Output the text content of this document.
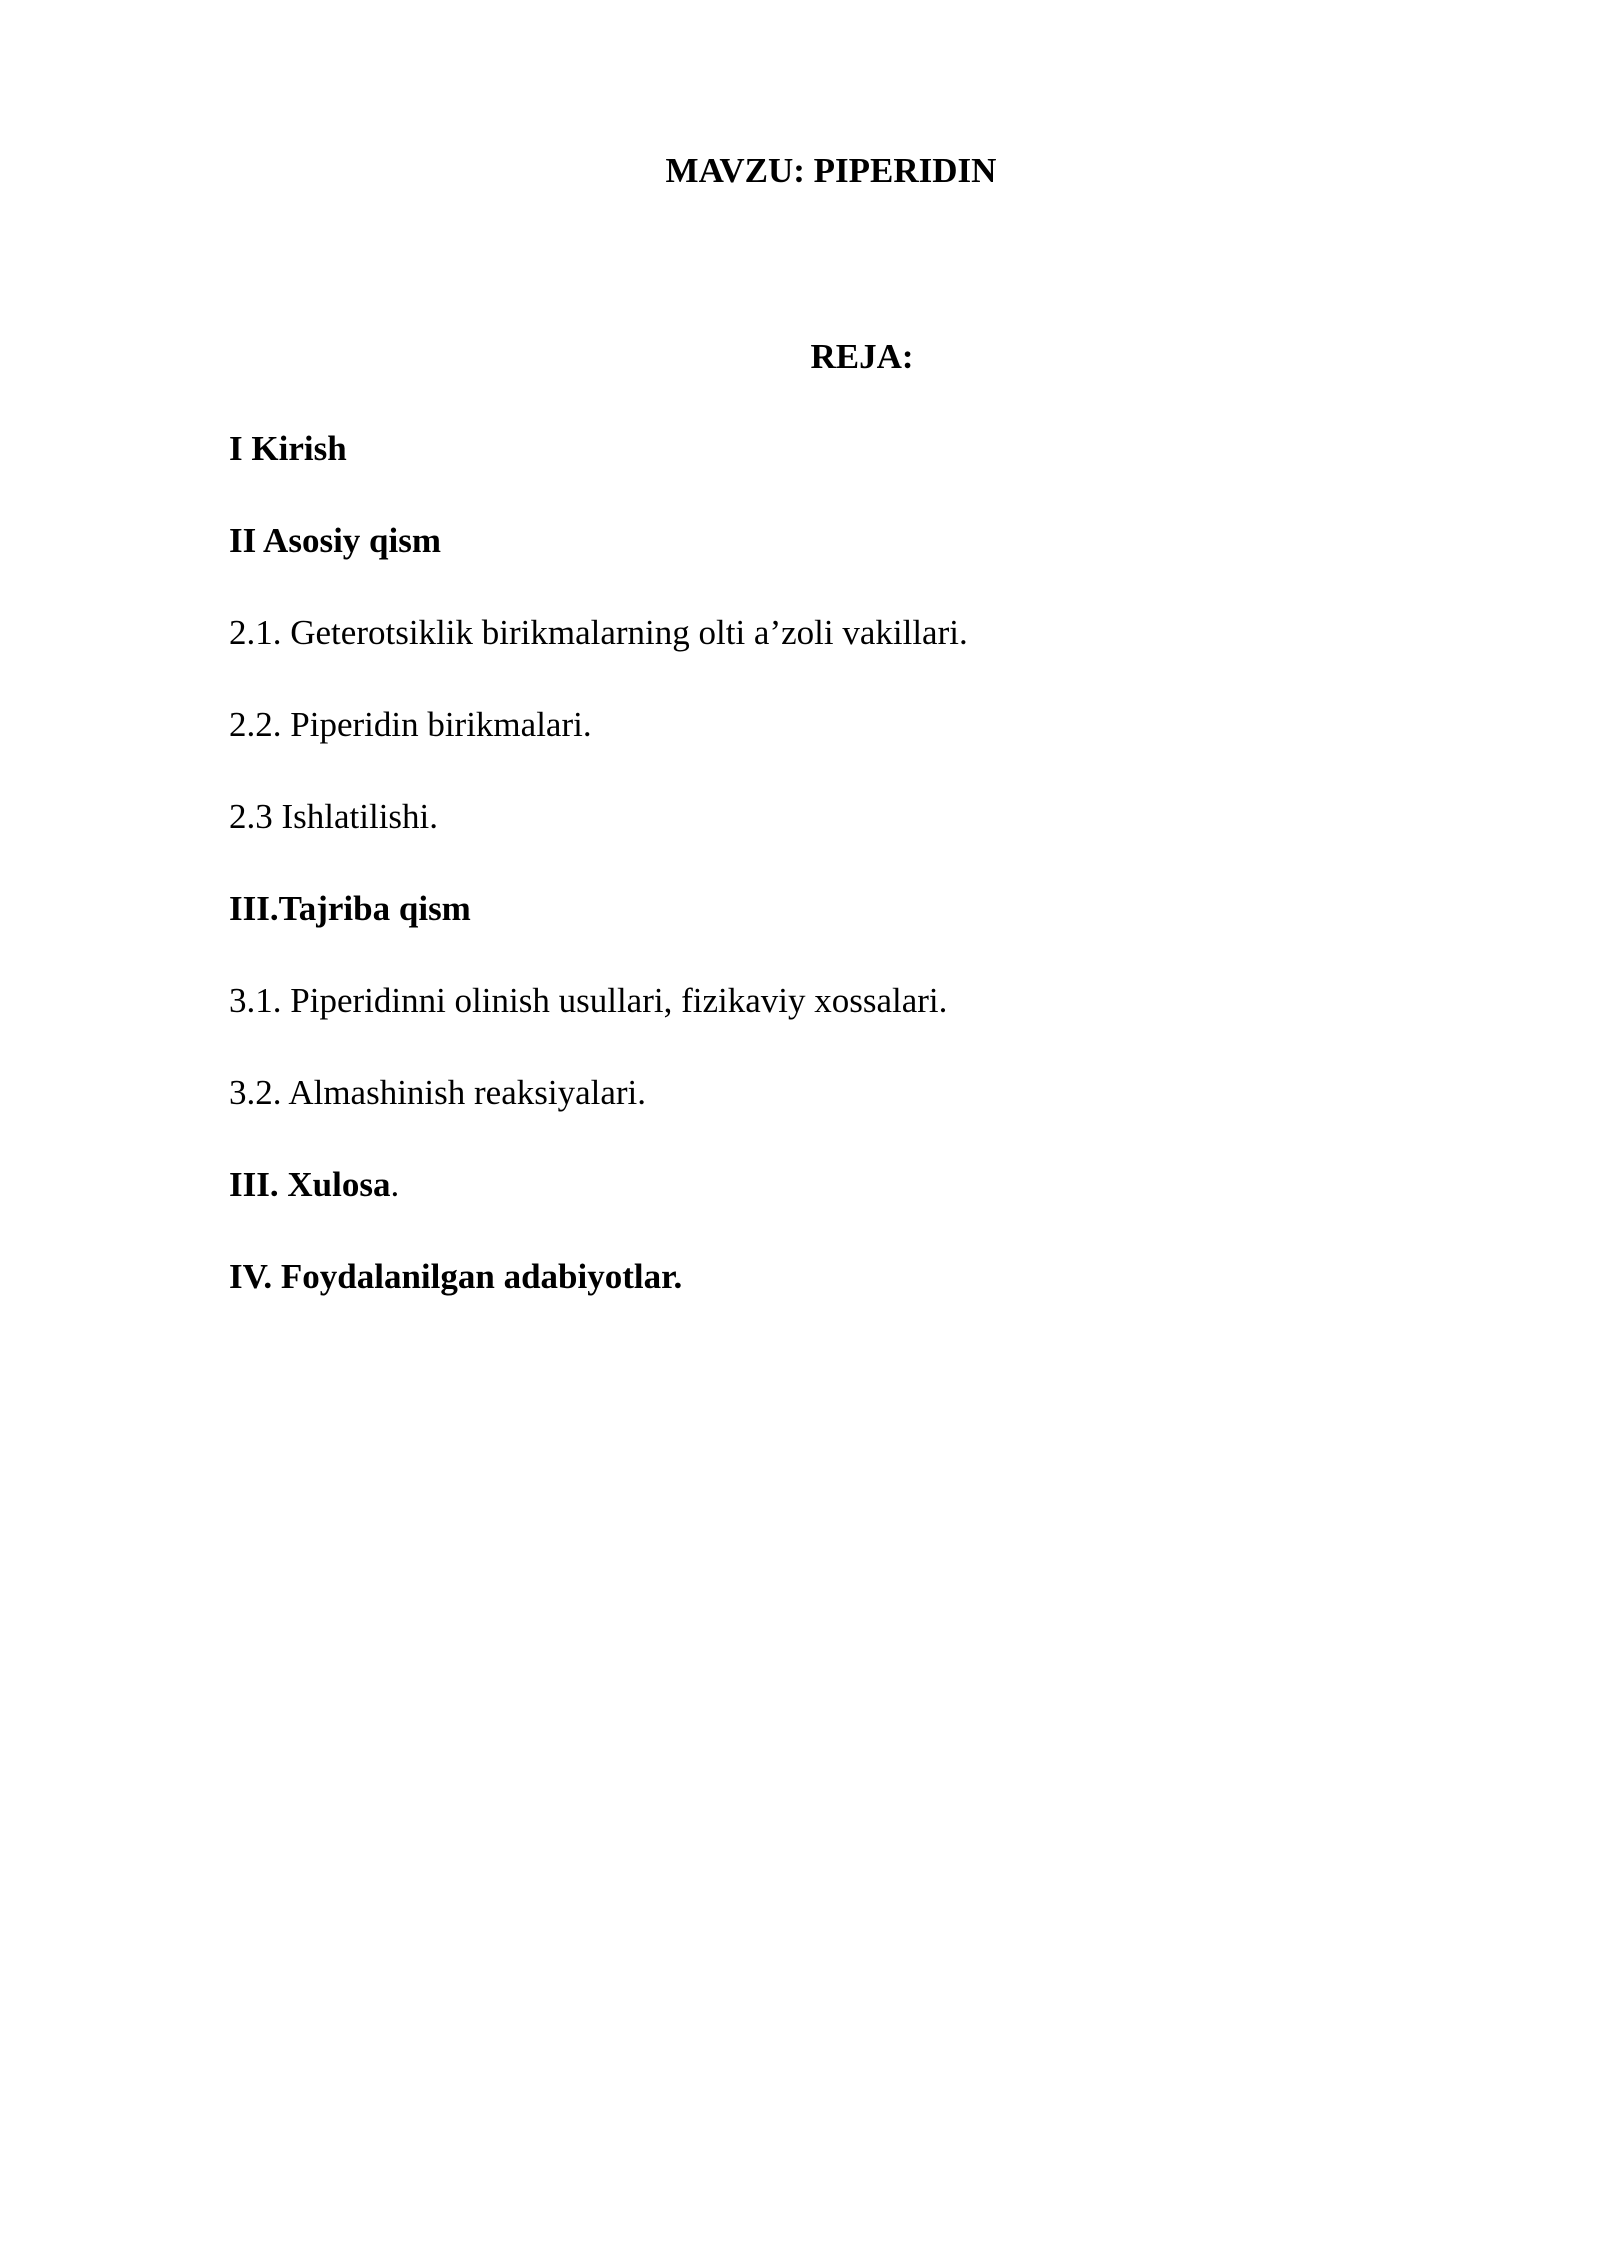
MAVZU: PIPERIDIN
REJA:
I Kirish
II Asosiy qism
2.1. Geterotsiklik birikmalarning olti a’zoli vakillari.
2.2. Piperidin birikmalari.
2.3 Ishlatilishi.
III.Tajriba qism
3.1. Piperidinni olinish usullari, fizikaviy xossalari.
3.2. Almashinish reaksiyalari.
III. Xulosa.
IV. Foydalanilgan adabiyotlar.
